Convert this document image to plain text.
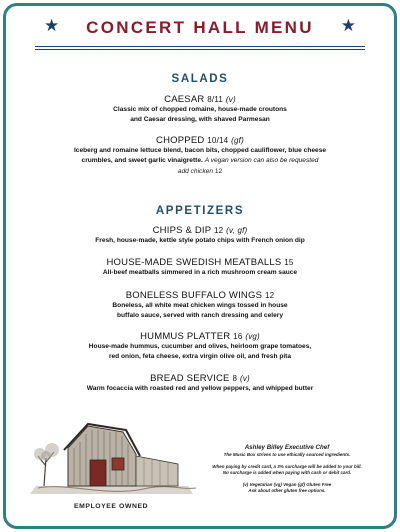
★	CONCERT HALL MENU	★
SALADS
CAESAR 8/11 (v)
Classic mix of chopped romaine, house-made croutons
and Caesar dressing, with shaved Parmesan
CHOPPED 10/14 (gf)
Iceberg and romaine lettuce blend, bacon bits, chopped cauliflower, blue cheese
crumbles, and sweet garlic vinaigrette. A vegan version can also be requested
add chicken 12
APPETIZERS
CHIPS & DIP 12 (v, gf)
Fresh, house-made, kettle style potato chips with French onion dip
HOUSE-MADE SWEDISH MEATBALLS 15
All-beef meatballs simmered in a rich mushroom cream sauce
BONELESS BUFFALO WINGS 12
Boneless, all white meat chicken wings tossed in house
buffalo sauce, served with ranch dressing and celery
HUMMUS PLATTER 16 (vg)
House-made hummus, cucumber and olives, heirloom grape tomatoes,
red onion, feta cheese, extra virgin olive oil, and fresh pita
BREAD SERVICE 8 (v)
Warm focaccia with roasted red and yellow peppers, and whipped butter
EMPLOYEE OWNED
Ashley Billey Executive Chef
The Music Box strives to use ethically sourced ingredients.
When paying by credit card, a 3% surcharge will be added to your bill.
No surcharge is added when paying with cash or debit card.
(v) Vegetarian (vg) Vegan (gf) Gluten Free
Ask about other gluten free options.
